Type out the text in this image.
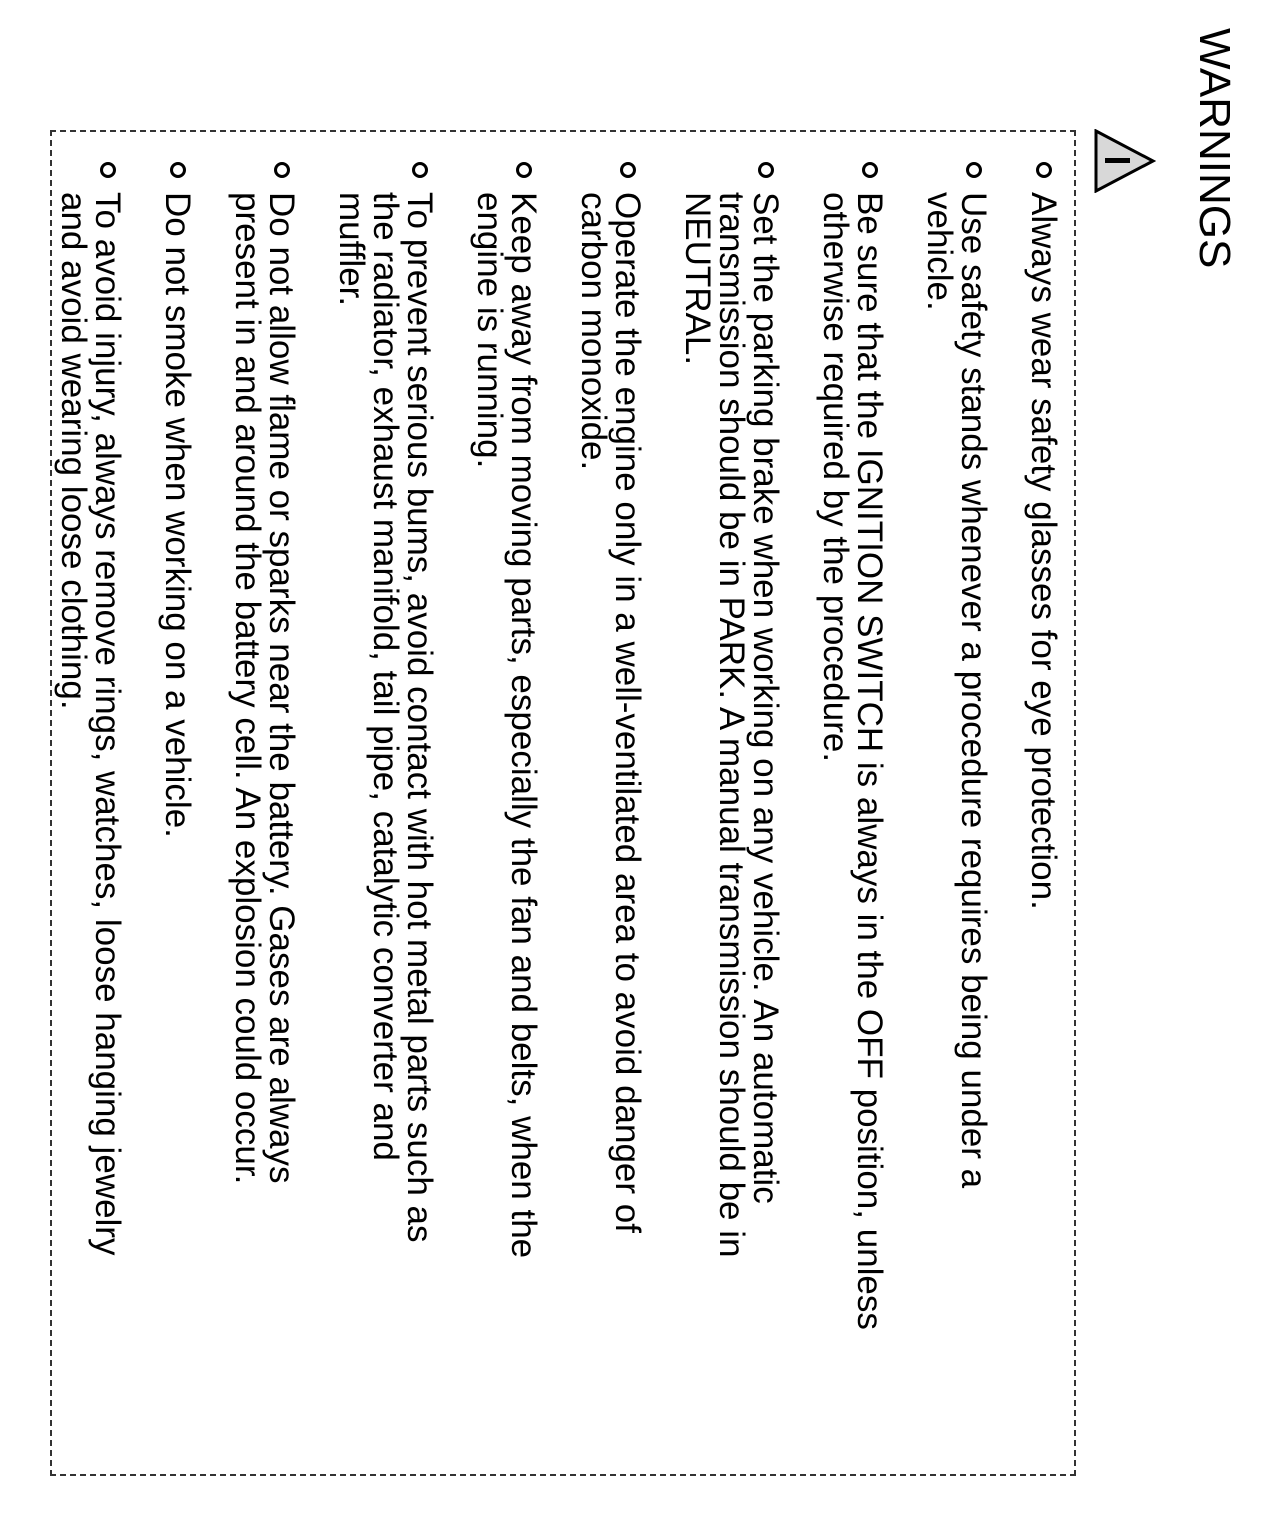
WARNINGS
Always wear safety glasses for eye protection.
Use safety stands whenever a procedure requires being under a
vehicle.
Be sure that the IGNITION SWITCH is always in the OFF position, unless
otherwise required by the procedure.
Set the parking brake when working on any vehicle. An automatic
transmission should be in PARK. A manual transmission should be in
NEUTRAL.
Operate the engine only in a well-ventilated area to avoid danger of
carbon monoxide.
Keep away from moving parts, especially the fan and belts, when the
engine is running.
To prevent serious bums, avoid contact with hot metal parts such as
the radiator, exhaust manifold, tail pipe, catalytic converter and
muffler.
Do not allow flame or sparks near the battery. Gases are always
present in and around the battery cell. An explosion could occur.
Do not smoke when working on a vehicle.
To avoid injury, always remove rings, watches, loose hanging jewelry
and avoid wearing loose clothing.
